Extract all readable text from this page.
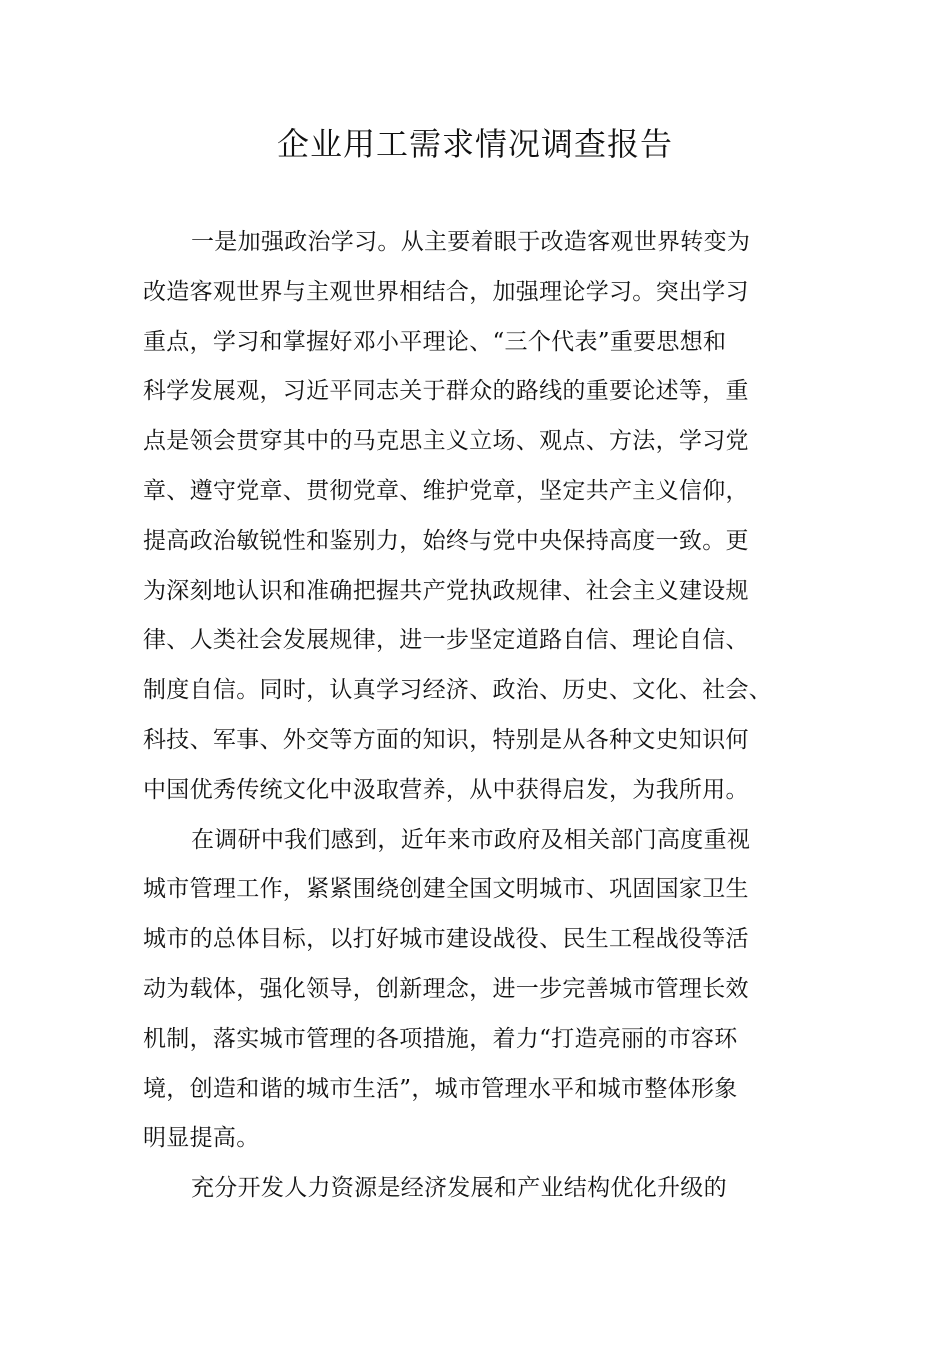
企业用工需求情况调查报告
一是加强政治学习。从主要着眼于改造客观世界转变为
改造客观世界与主观世界相结合，加强理论学习。突出学习
重点，学习和掌握好邓小平理论、“三个代表”重要思想和
科学发展观，习近平同志关于群众的路线的重要论述等，重
点是领会贯穿其中的马克思主义立场、观点、方法，学习党
章、遵守党章、贯彻党章、维护党章，坚定共产主义信仰，
提高政治敏锐性和鉴别力，始终与党中央保持高度一致。更
为深刻地认识和准确把握共产党执政规律、社会主义建设规
律、人类社会发展规律，进一步坚定道路自信、理论自信、
制度自信。同时，认真学习经济、政治、历史、文化、社会、
科技、军事、外交等方面的知识，特别是从各种文史知识何
中国优秀传统文化中汲取营养，从中获得启发，为我所用。
在调研中我们感到，近年来市政府及相关部门高度重视
城市管理工作，紧紧围绕创建全国文明城市、巩固国家卫生
城市的总体目标，以打好城市建设战役、民生工程战役等活
动为载体，强化领导，创新理念，进一步完善城市管理长效
机制，落实城市管理的各项措施，着力“打造亮丽的市容环
境，创造和谐的城市生活”，城市管理水平和城市整体形象
明显提高。
充分开发人力资源是经济发展和产业结构优化升级的
